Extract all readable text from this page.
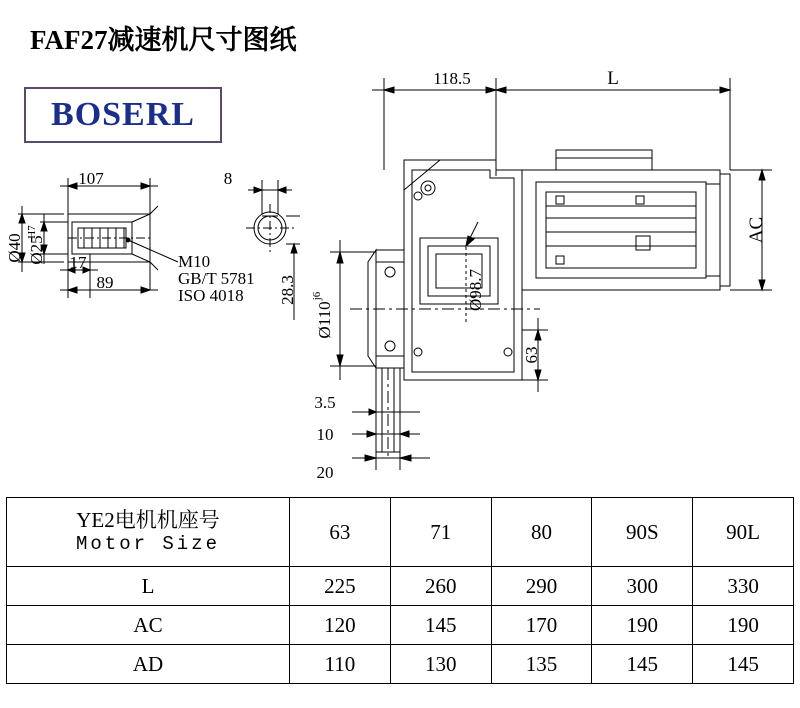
FAF27减速机尺寸图纸
BOSERL
107	8
17
89
M10
GB/T 5781
ISO 4018
118.5	L
Ø40 Ø25
H7
28.3	Ø98.7
Ø110
j6
63
AC
3.5
10
20
YE2电机机座号
Motor Size	63	71	80	90S	90L
L	225	260	290	300	330
AC	120	145	170	190	190
AD	110	130	135	145	145
